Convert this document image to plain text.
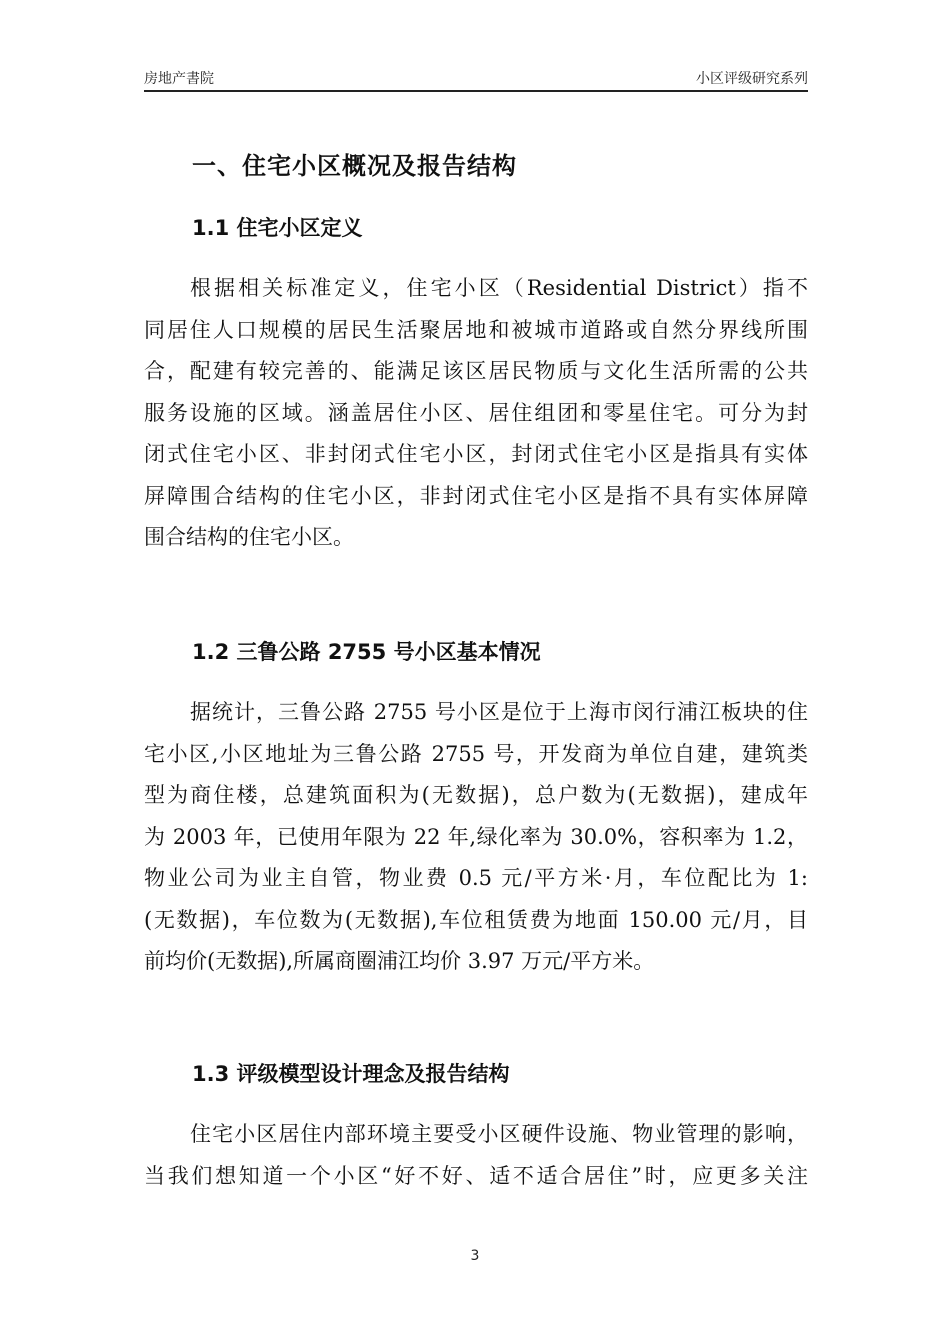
房地产書院	小区评级研究系列
一、住宅小区概况及报告结构
1.1 住宅小区定义
根据相关标准定义，住宅小区（Residential District）指不
同居住人口规模的居民生活聚居地和被城市道路或自然分界线所围
合，配建有较完善的、能满足该区居民物质与文化生活所需的公共
服务设施的区域。涵盖居住小区、居住组团和零星住宅。可分为封
闭式住宅小区、非封闭式住宅小区，封闭式住宅小区是指具有实体
屏障围合结构的住宅小区，非封闭式住宅小区是指不具有实体屏障
围合结构的住宅小区。
1.2 三鲁公路 2755 号小区基本情况
据统计，三鲁公路 2755 号小区是位于上海市闵行浦江板块的住
宅小区,小区地址为三鲁公路 2755 号，开发商为单位自建，建筑类
型为商住楼，总建筑面积为(无数据)，总户数为(无数据)，建成年
为 2003 年，已使用年限为 22 年,绿化率为 30.0%，容积率为 1.2，
物业公司为业主自管，物业费 0.5 元/平方米·月，车位配比为 1:
(无数据)，车位数为(无数据),车位租赁费为地面 150.00 元/月，目
前均价(无数据),所属商圈浦江均价 3.97 万元/平方米。
1.3 评级模型设计理念及报告结构
住宅小区居住内部环境主要受小区硬件设施、物业管理的影响，
当我们想知道一个小区“好不好、适不适合居住”时，应更多关注
3
